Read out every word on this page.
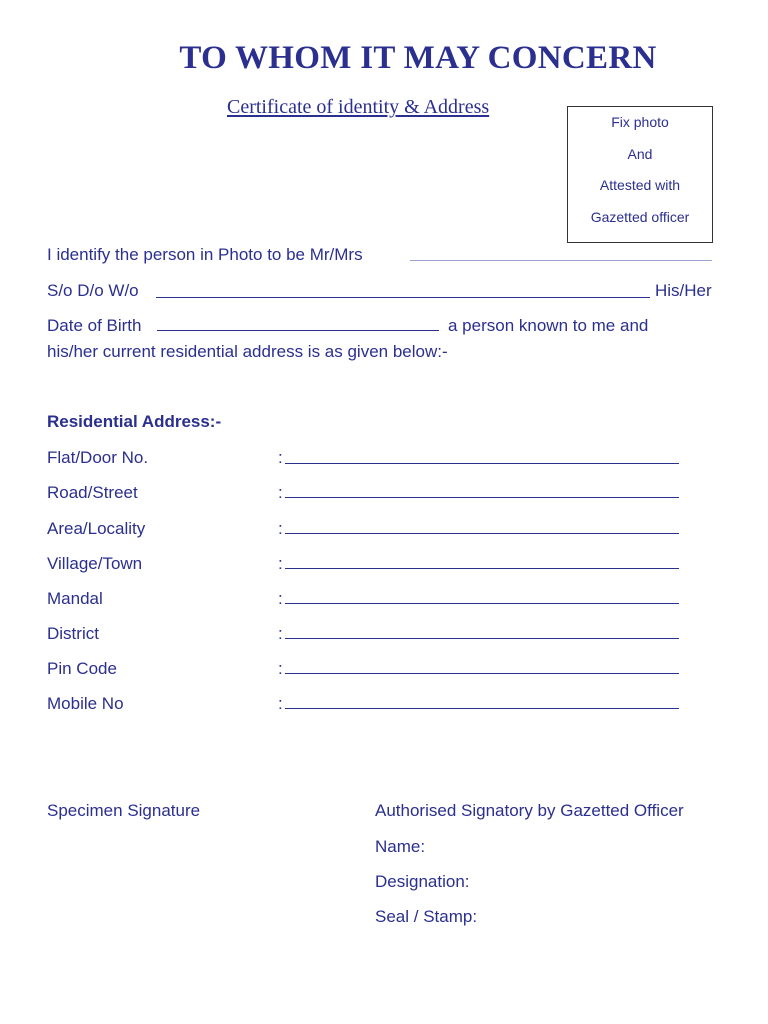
TO WHOM IT MAY CONCERN
Certificate of identity & Address
Fix photo
And
Attested with
Gazetted officer
I identify the person in Photo to be Mr/Mrs
S/o D/o W/o	His/Her
Date of Birth	a person known to me and
his/her current residential address is as given below:-
Residential Address:-
Flat/Door No.	:
Road/Street	:
Area/Locality	:
Village/Town	:
Mandal	:
District	:
Pin Code	:
Mobile No	:
Specimen Signature	Authorised Signatory by Gazetted Officer
Name:
Designation:
Seal / Stamp:
